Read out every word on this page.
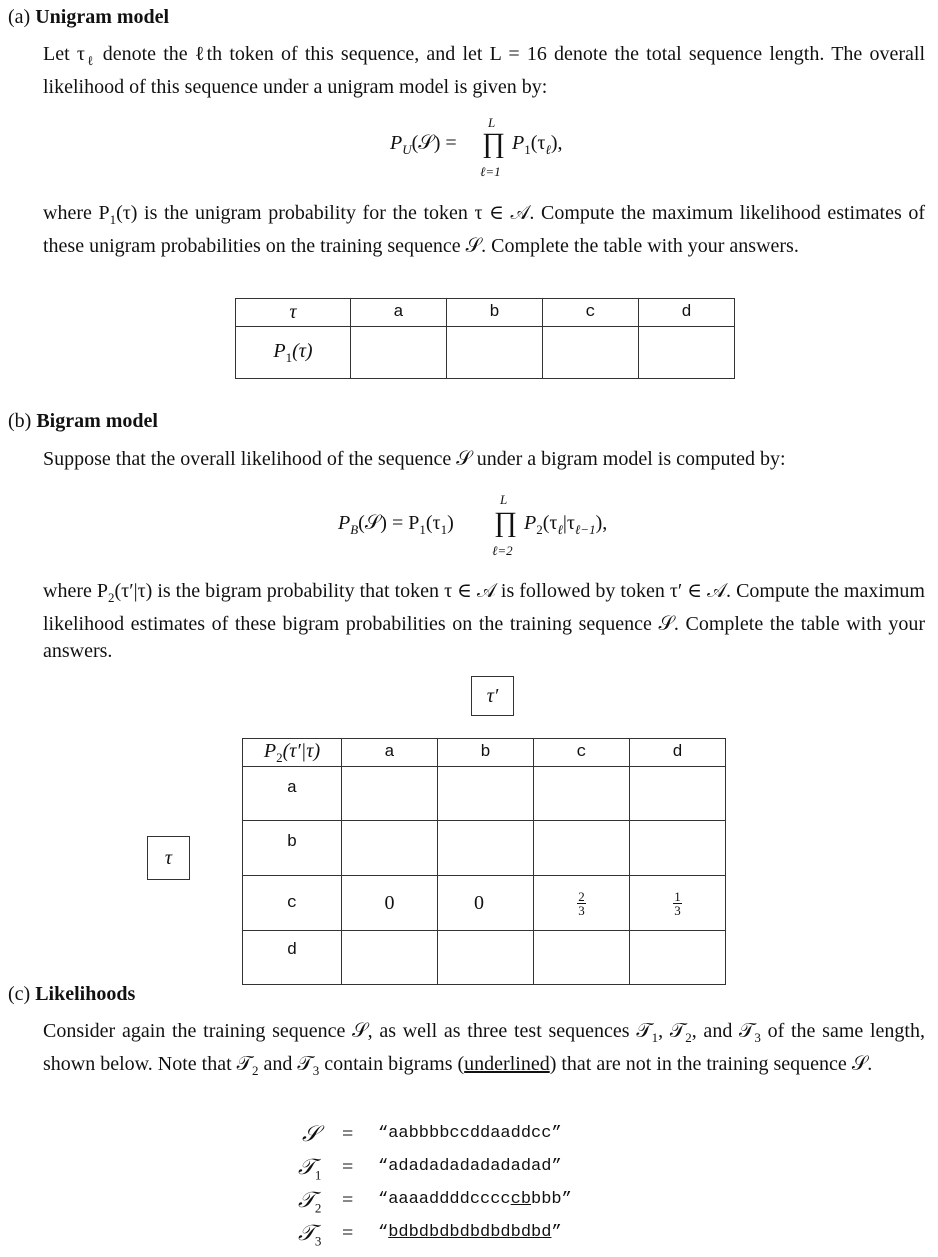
(a) Unigram model
Let $\tau_\ell$ denote the ℓth token of this sequence, and let L = 16 denote the total sequence length. The overall likelihood of this sequence under a unigram model is given by:
$P_U(𝒮)$ =
L
∏
ℓ=1
$P_1(\tau_\ell)$,
where $P_1(\tau)$ is the unigram probability for the token τ ∈ 𝒜. Compute the maximum likelihood estimates of these unigram probabilities on the training sequence 𝒮. Complete the table with your answers.
τ	a	b	c	d
$P_1(\tau)$				
(b) Bigram model
Suppose that the overall likelihood of the sequence 𝒮 under a bigram model is computed by:
$P_B(𝒮) = P_1(\tau_1)$
L
∏
ℓ=2
$P_2(\tau_\ell|\tau_{\ell-1})$,
where $P_2(\tau'|\tau)$ is the bigram probability that token τ ∈ 𝒜 is followed by token τ′ ∈ 𝒜. Compute the maximum likelihood estimates of these bigram probabilities on the training sequence 𝒮. Complete the table with your answers.
τ′
τ
$P_2(\tau'|\tau)$	a	b	c	d
a				
b				
c	0	0	$\frac{2}{3}$	$\frac{1}{3}$

d				
(c) Likelihoods
Consider again the training sequence 𝒮, as well as three test sequences 𝒯$_1$, 𝒯$_2$, and 𝒯$_3$ of the same length, shown below. Note that 𝒯$_2$ and 𝒯$_3$ contain bigrams (underlined) that are not in the training sequence 𝒮.
𝒮 = “aabbbbccddaaddcc”
𝒯$_1$ = “adadadadadadadad”
𝒯$_2$ = “aaaaddddcccccbbbb”
𝒯$_3$ = “bdbdbdbdbdbdbdbd”
